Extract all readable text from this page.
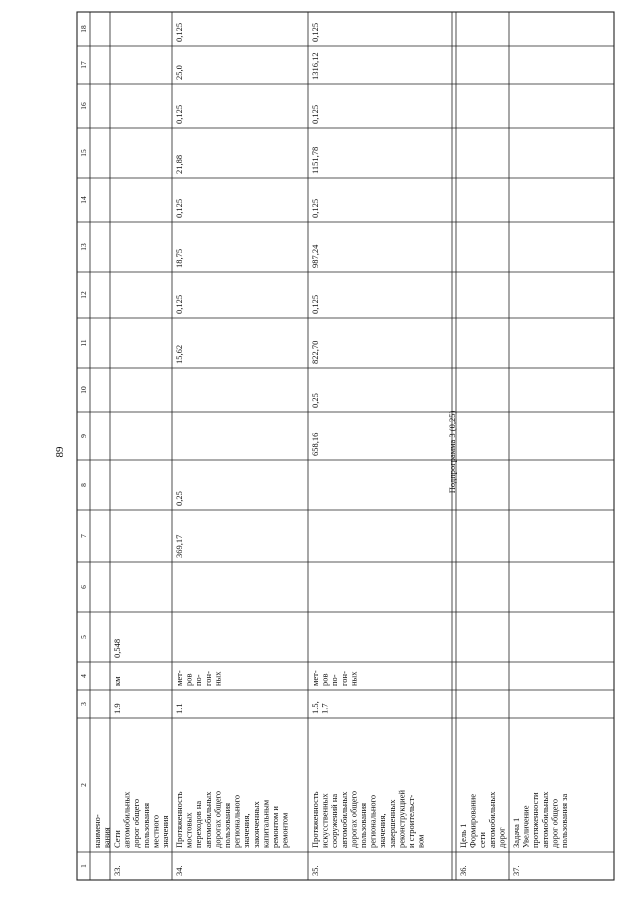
89
1
2
3
4
5
6
7
8
9
10
11
12
13
14
15
16
17
18
наимено- вания
33.
Сети автомобильных дорог общего пользования местного значения
1.9
км
0,548
34.
Протяженность мостовых переходов на автомобильных дорогах общего пользования регионального значения, законченных капитальным ремонтом и ремонтом
1.1
мет- ров по- гон- ных
369,17
0,25
15,62
0,125
18,75
0,125
21,88
0,125
25,0
0,125
35.
Протяженность искусственных сооружений на автомобильных дорогах общего пользования регионального значения, завершенных реконструкцией и строительст- вом
1.5, 1.7
мет- ров по- гон- ных
658,16
0,25
822,70
0,125
987,24
0,125
1151,78
0,125
1316,12
0,125
Подпрограмма 3 (0,25)
36.
Цель 1 Формирование сети автомобильных дорог
37.
Задача 1 Увеличение протяженности автомобильных дорог общего пользования за
